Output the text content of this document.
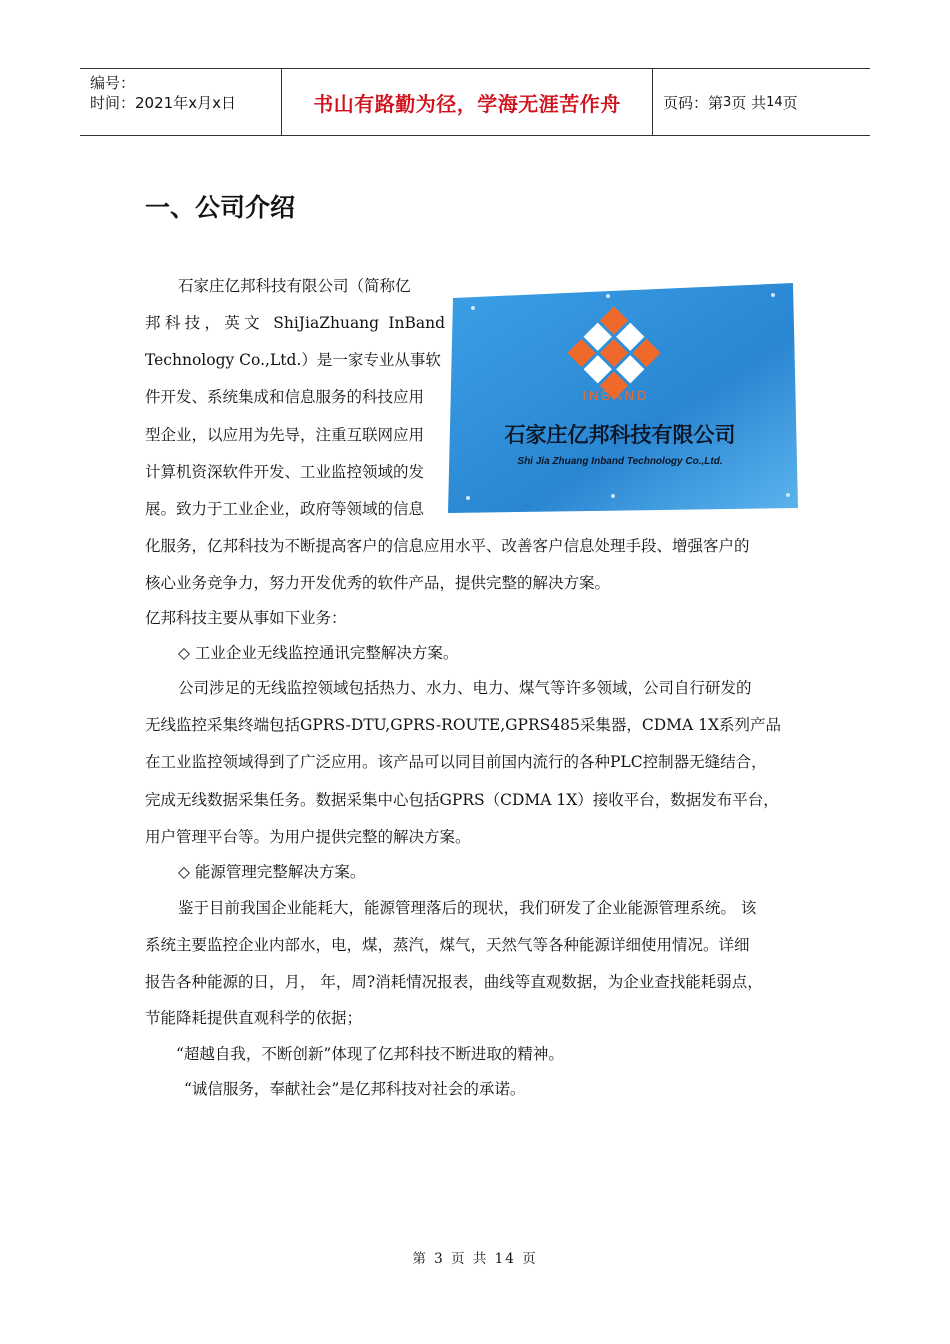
编号：
时间：2021年x月x日	书山有路勤为径，学海无涯苦作舟	页码：第 3 页 共 14 页
一、公司介绍
石家庄亿邦科技有限公司（简称亿
邦科技，英文 ShiJiaZhuang InBand
Technology Co.,Ltd.）是一家专业从事软
件开发、系统集成和信息服务的科技应用
型企业，以应用为先导，注重互联网应用
计算机资深软件开发、工业监控领域的发
展。致力于工业企业，政府等领域的信息
INBAND
石家庄亿邦科技有限公司
Shi Jia Zhuang Inband Technology Co.,Ltd.
化服务，亿邦科技为不断提高客户的信息应用水平、改善客户信息处理手段、增强客户的
核心业务竞争力，努力开发优秀的软件产品，提供完整的解决方案。
亿邦科技主要从事如下业务：
◇ 工业企业无线监控通讯完整解决方案。
公司涉足的无线监控领域包括热力、水力、电力、煤气等许多领域，公司自行研发的
无线监控采集终端包括GPRS-DTU,GPRS-ROUTE,GPRS485采集器，CDMA 1X系列产品
在工业监控领域得到了广泛应用。该产品可以同目前国内流行的各种PLC控制器无缝结合，
完成无线数据采集任务。数据采集中心包括GPRS（CDMA 1X）接收平台，数据发布平台，
用户管理平台等。为用户提供完整的解决方案。
◇ 能源管理完整解决方案。
鉴于目前我国企业能耗大，能源管理落后的现状，我们研发了企业能源管理系统。 该
系统主要监控企业内部水，电，煤，蒸汽，煤气，天然气等各种能源详细使用情况。详细
报告各种能源的日，月， 年，周?消耗情况报表，曲线等直观数据，为企业查找能耗弱点，
节能降耗提供直观科学的依据；
“超越自我，不断创新”体现了亿邦科技不断进取的精神。
“诚信服务，奉献社会”是亿邦科技对社会的承诺。
第 3 页 共 14 页
